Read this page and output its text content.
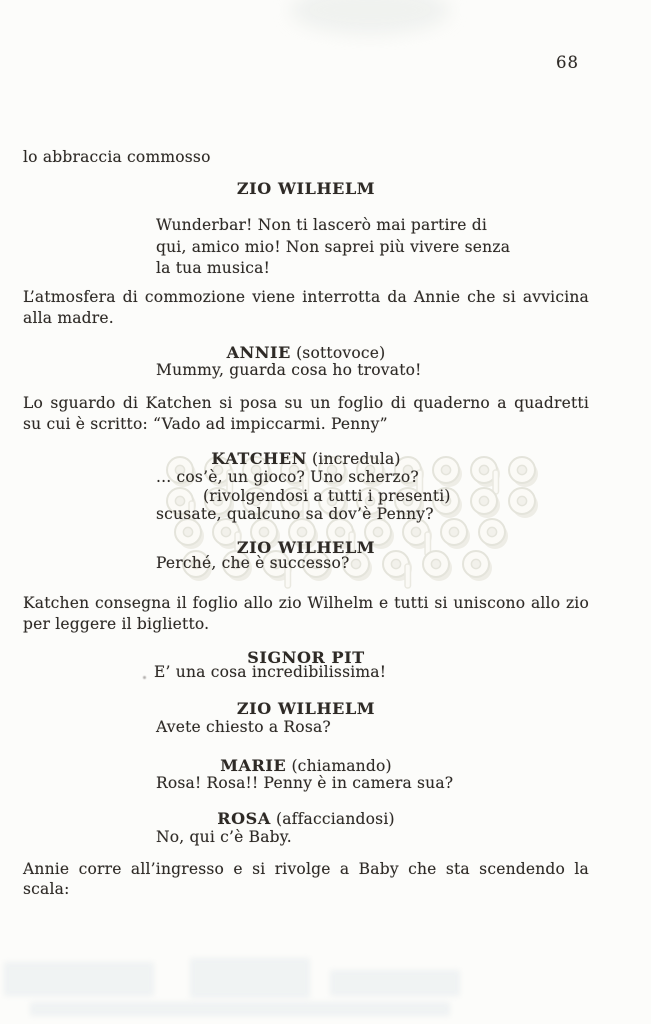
68
lo abbraccia commosso
ZIO WILHELM
Wunderbar! Non ti lascerò mai partire di
qui, amico mio! Non saprei più vivere senza
la tua musica!
L’atmosfera di commozione viene interrotta da Annie che si avvicina
alla madre.
ANNIE (sottovoce)
Mummy, guarda cosa ho trovato!
Lo sguardo di Katchen si posa su un foglio di quaderno a quadretti
su cui è scritto: “Vado ad impiccarmi. Penny”
KATCHEN (incredula)
... cos’è, un gioco? Uno scherzo?
(rivolgendosi a tutti i presenti)
scusate, qualcuno sa dov’è Penny?
ZIO WILHELM
Perché, che è successo?
Katchen consegna il foglio allo zio Wilhelm e tutti si uniscono allo zio
per leggere il biglietto.
SIGNOR PIT
E’ una cosa incredibilissima!
ZIO WILHELM
Avete chiesto a Rosa?
MARIE (chiamando)
Rosa! Rosa!! Penny è in camera sua?
ROSA (affacciandosi)
No, qui c’è Baby.
Annie corre all’ingresso e si rivolge a Baby che sta scendendo la
scala:
